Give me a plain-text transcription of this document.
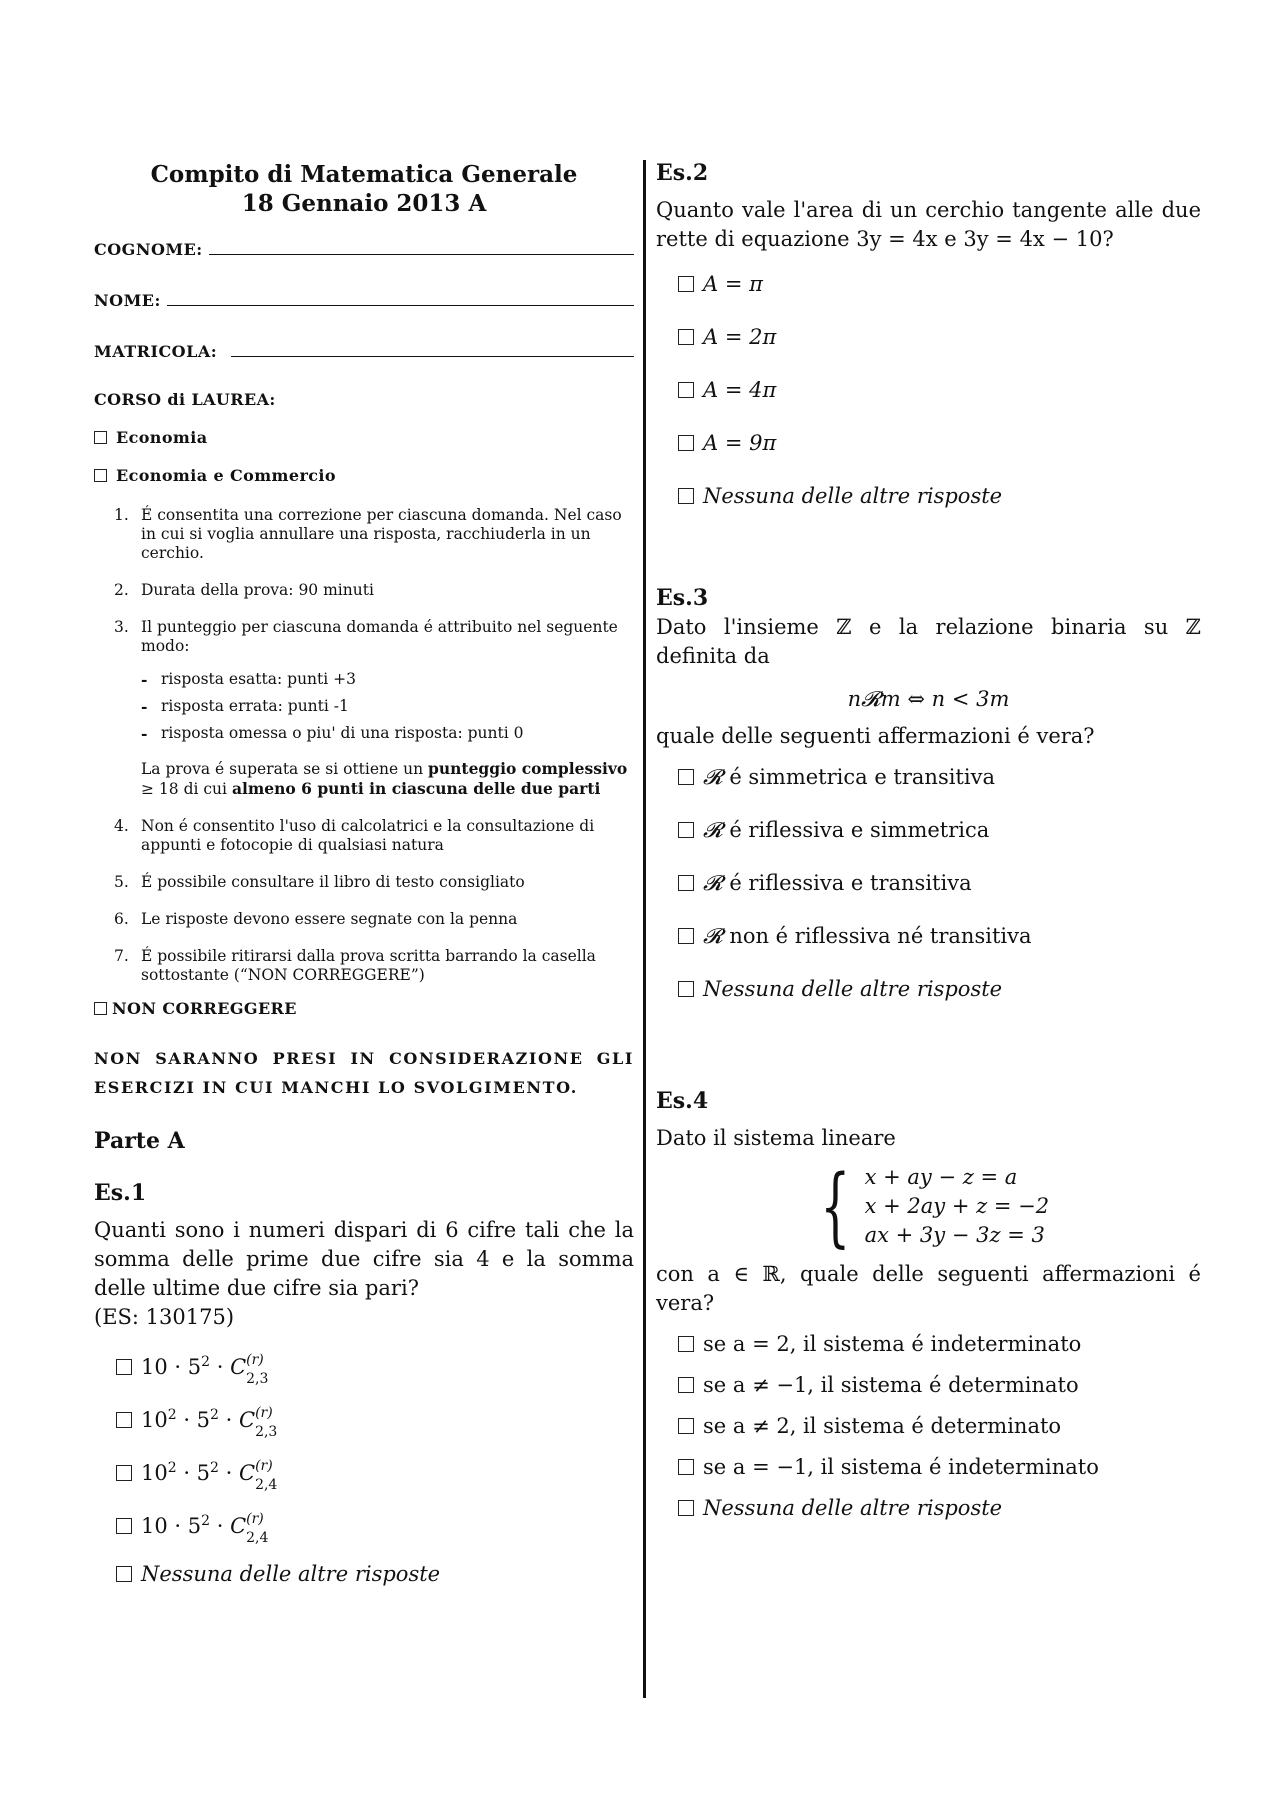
Compito di Matematica Generale
18 Gennaio 2013 A
COGNOME:
NOME:
MATRICOLA:
CORSO di LAUREA:
Economia
Economia e Commercio
1. É consentita una correzione per ciascuna domanda. Nel caso in cui si voglia annullare una risposta, racchiuderla in un cerchio.
2. Durata della prova: 90 minuti
3. Il punteggio per ciascuna domanda é attribuito nel seguente modo:
- risposta esatta: punti +3
- risposta errata: punti -1
- risposta omessa o piu' di una risposta: punti 0
La prova é superata se si ottiene un punteggio complessivo ≥ 18 di cui almeno 6 punti in ciascuna delle due parti
4. Non é consentito l'uso di calcolatrici e la consultazione di appunti e fotocopie di qualsiasi natura
5. É possibile consultare il libro di testo consigliato
6. Le risposte devono essere segnate con la penna
7. É possibile ritirarsi dalla prova scritta barrando la casella sottostante (“NON CORREGGERE”)
NON CORREGGERE
NON SARANNO PRESI IN CONSIDERAZIONE GLI ESERCIZI IN CUI MANCHI LO SVOLGIMENTO.
Parte A
Es.1
Quanti sono i numeri dispari di 6 cifre tali che la somma delle prime due cifre sia 4 e la somma delle ultime due cifre sia pari?
(ES: 130175)
$10 \cdot 5^2 \cdot C$ (r)
2,3
$10^2 \cdot 5^2 \cdot C$ (r)
2,3
$10^2 \cdot 5^2 \cdot C$ (r)
2,4
$10 \cdot 5^2 \cdot C$ (r)
2,4
Nessuna delle altre risposte
Es.2
Quanto vale l'area di un cerchio tangente alle due rette di equazione 3y = 4x e 3y = 4x − 10?
A = π
A = 2π
A = 4π
A = 9π
Nessuna delle altre risposte
Es.3
Dato l'insieme ℤ e la relazione binaria su ℤ definita da
n𝓡m ⇔ n < 3m
quale delle seguenti affermazioni é vera?
𝓡 é simmetrica e transitiva
𝓡 é riflessiva e simmetrica
𝓡 é riflessiva e transitiva
𝓡 non é riflessiva né transitiva
Nessuna delle altre risposte
Es.4
Dato il sistema lineare
{ x + ay − z = a
x + 2ay + z = −2
ax + 3y − 3z = 3
con a ∈ ℝ, quale delle seguenti affermazioni é vera?
se a = 2, il sistema é indeterminato
se a ≠ −1, il sistema é determinato
se a ≠ 2, il sistema é determinato
se a = −1, il sistema é indeterminato
Nessuna delle altre risposte
